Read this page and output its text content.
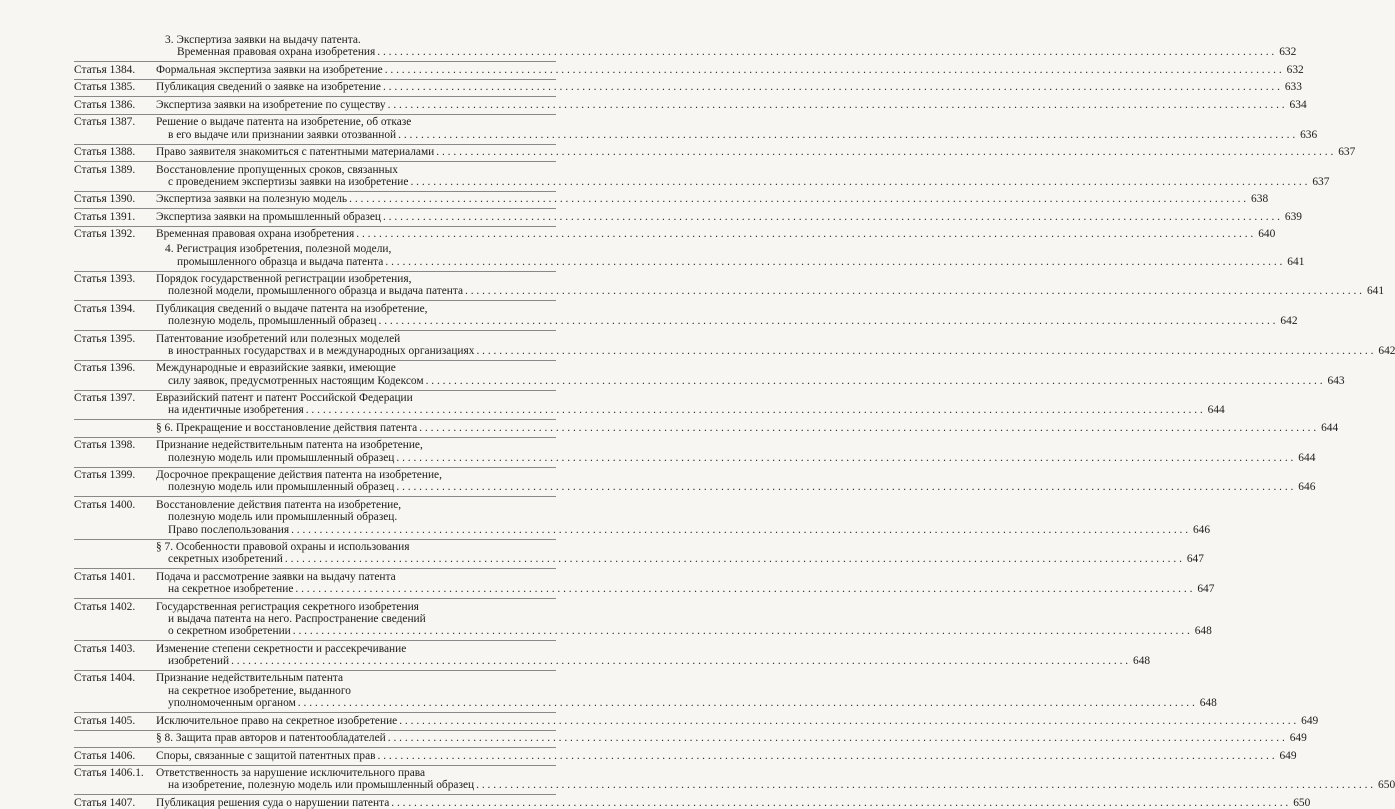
3. Экспертиза заявки на выдачу патента.
Временная правовая охрана изобретения . . .	632
Статья 1384.	Формальная экспертиза заявки на изобретение . . .	632
Статья 1385.	Публикация сведений о заявке на изобретение . . .	633
Статья 1386.	Экспертиза заявки на изобретение по существу . . .	634
Статья 1387.	Решение о выдаче патента на изобретение, об отказе
в его выдаче или признании заявки отозванной . . .	636
Статья 1388.	Право заявителя знакомиться с патентными материалами . . .	637
Статья 1389.	Восстановление пропущенных сроков, связанных
с проведением экспертизы заявки на изобретение . . .	637
Статья 1390.	Экспертиза заявки на полезную модель . . .	638
Статья 1391.	Экспертиза заявки на промышленный образец . . .	639
Статья 1392.	Временная правовая охрана изобретения . . .	640
4. Регистрация изобретения, полезной модели,
промышленного образца и выдача патента . . .	641
Статья 1393.	Порядок государственной регистрации изобретения,
полезной модели, промышленного образца и выдача патента . . .	641
Статья 1394.	Публикация сведений о выдаче патента на изобретение,
полезную модель, промышленный образец . . .	642
Статья 1395.	Патентование изобретений или полезных моделей
в иностранных государствах и в международных организациях . . .	642
Статья 1396.	Международные и евразийские заявки, имеющие
силу заявок, предусмотренных настоящим Кодексом . . .	643
Статья 1397.	Евразийский патент и патент Российской Федерации
на идентичные изобретения . . .	644
§ 6. Прекращение и восстановление действия патента . . .	644
Статья 1398.	Признание недействительным патента на изобретение,
полезную модель или промышленный образец . . .	644
Статья 1399.	Досрочное прекращение действия патента на изобретение,
полезную модель или промышленный образец . . .	646
Статья 1400.	Восстановление действия патента на изобретение,
полезную модель или промышленный образец.
Право послепользования . . .	646
§ 7. Особенности правовой охраны и использования
секретных изобретений . . .	647
Статья 1401.	Подача и рассмотрение заявки на выдачу патента
на секретное изобретение . . .	647
Статья 1402.	Государственная регистрация секретного изобретения
и выдача патента на него. Распространение сведений
о секретном изобретении . . .	648
Статья 1403.	Изменение степени секретности и рассекречивание
изобретений . . .	648
Статья 1404.	Признание недействительным патента
на секретное изобретение, выданного
уполномоченным органом . . .	648
Статья 1405.	Исключительное право на секретное изобретение . . .	649
§ 8. Защита прав авторов и патентообладателей . . .	649
Статья 1406.	Споры, связанные с защитой патентных прав . . .	649
Статья 1406.1.	Ответственность за нарушение исключительного права
на изобретение, полезную модель или промышленный образец . . .	650
Статья 1407.	Публикация решения суда о нарушении патента . . .	650
